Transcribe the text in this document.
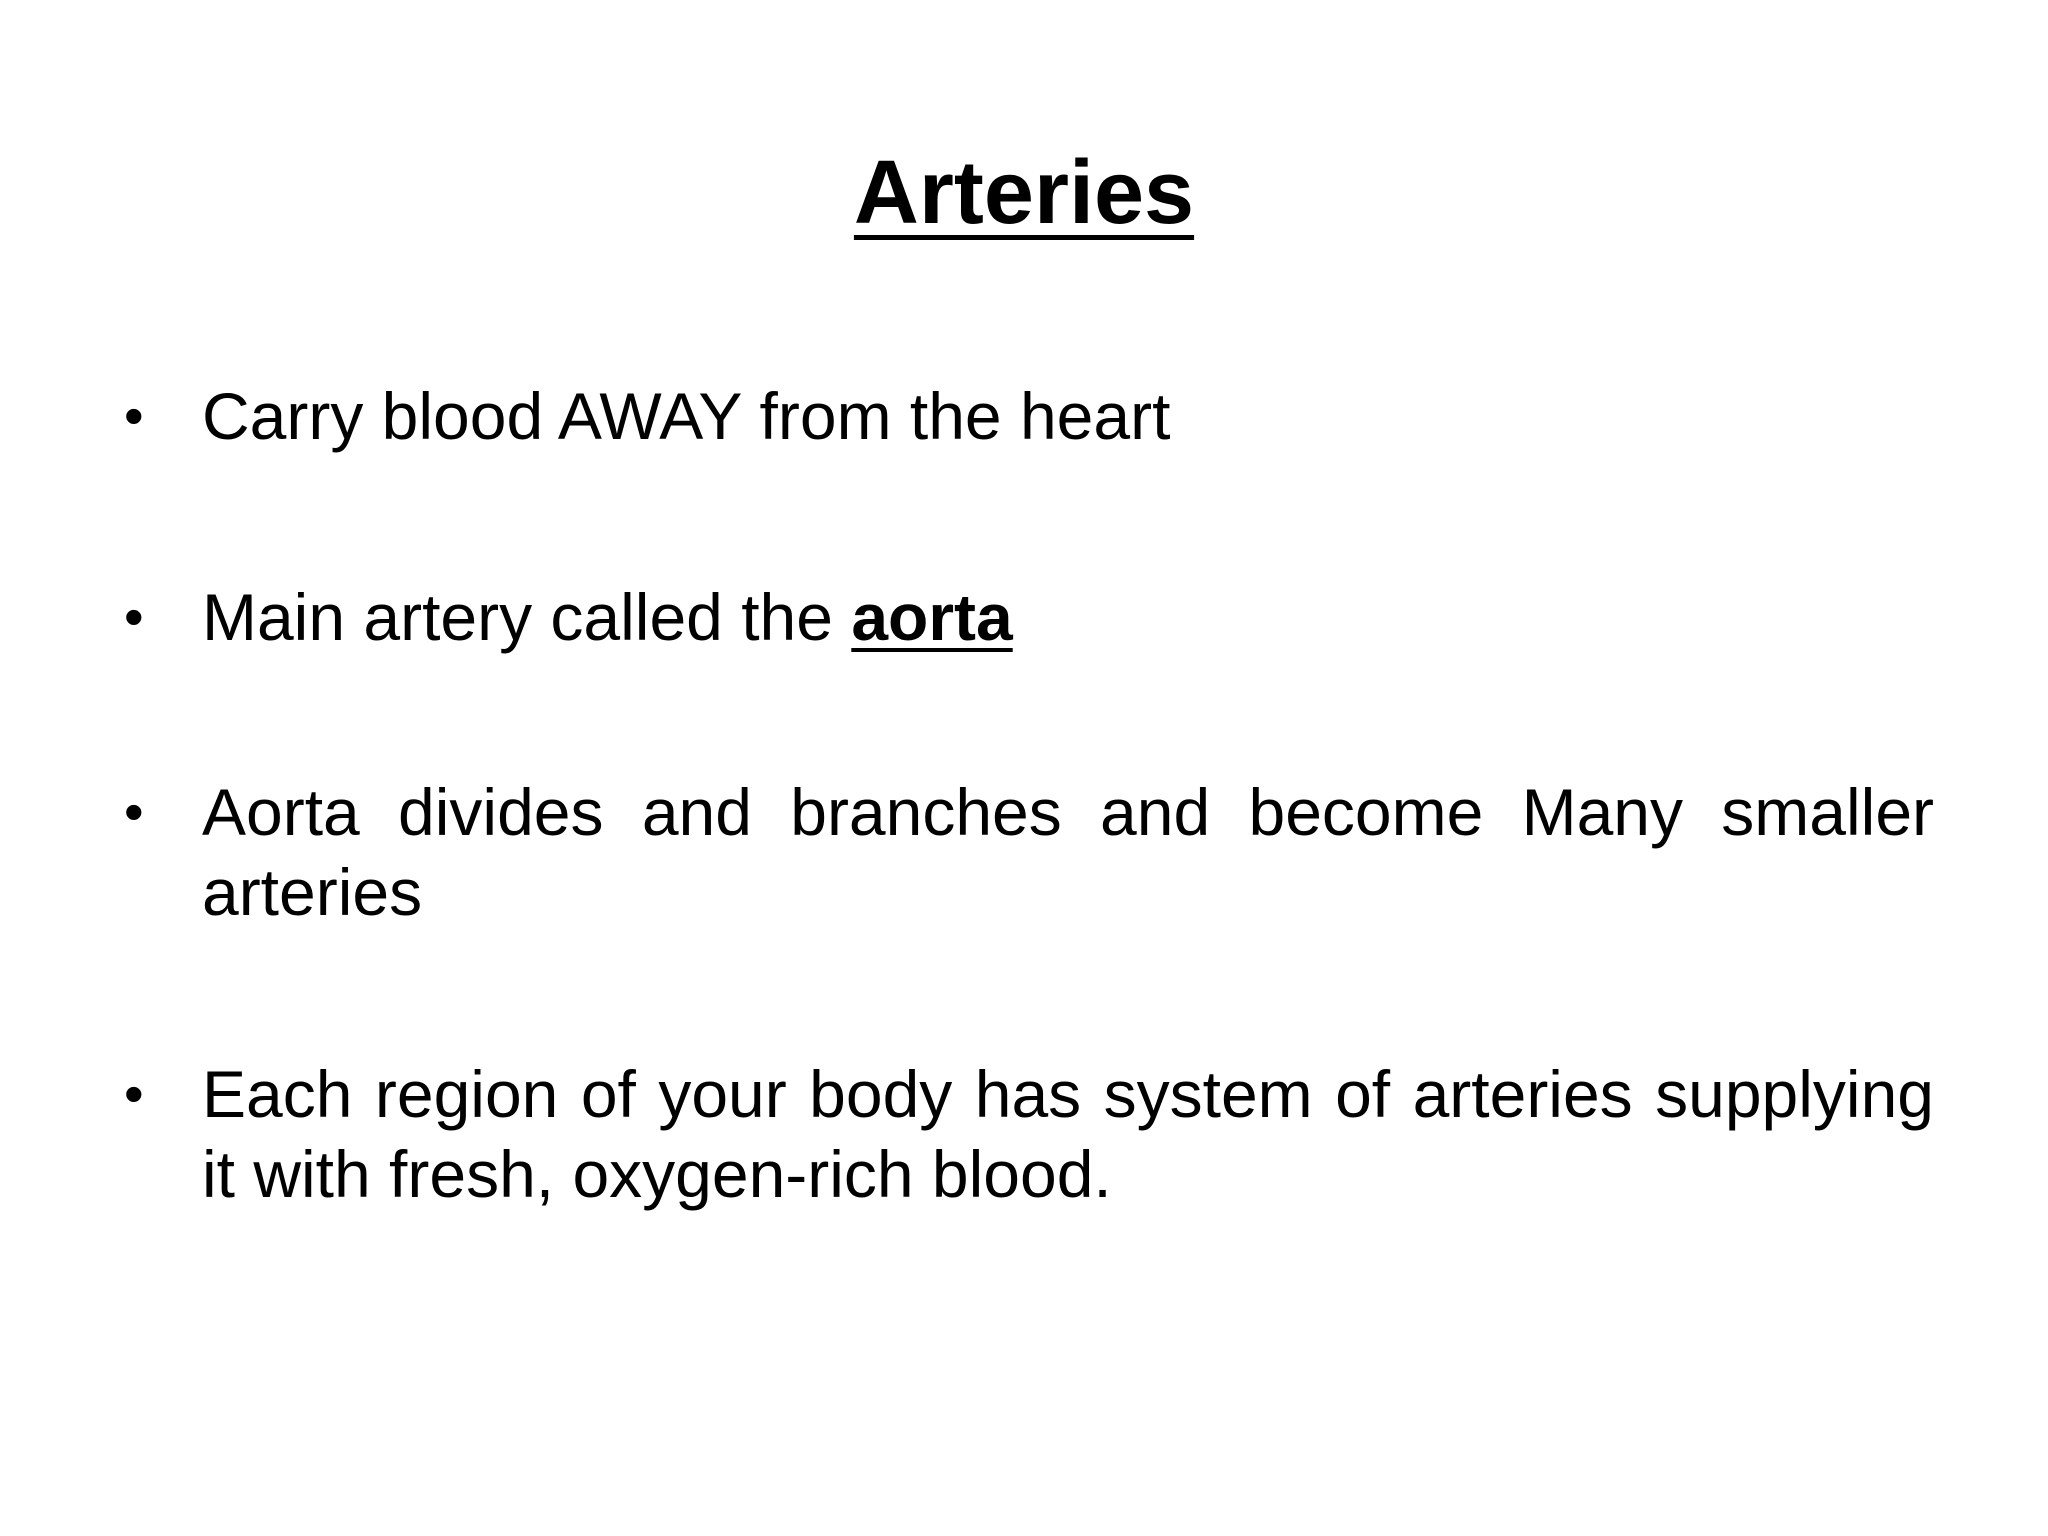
Arteries
• Carry blood AWAY from the heart

• Main artery called the aorta

• Aorta divides and branches and become Many smaller arteries

• Each region of your body has system of arteries supplying it with fresh, oxygen-rich blood.
